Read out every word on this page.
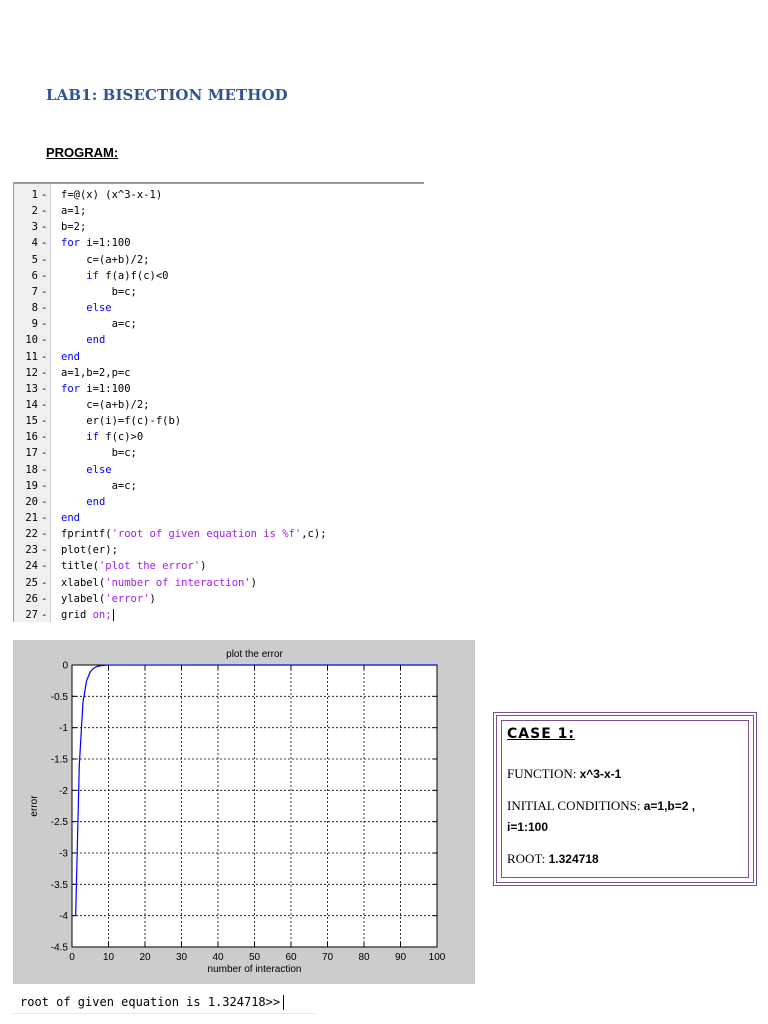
LAB1: BISECTION METHOD
PROGRAM:
1 - f=@(x) (x^3-x-1)
2 - a=1;
3 - b=2;
4 - for i=1:100
5 - c=(a+b)/2;
6 -	if f(a)f(c)<0
7 - b=c;
8 -	else
9 - a=c;
10 -	end
11 - end
12 - a=1,b=2,p=c
13 - for i=1:100
14 - c=(a+b)/2;
15 - er(i)=f(c)-f(b)
16 -	if f(c)>0
17 - b=c;
18 -	else
19 - a=c;
20 -	end
21 - end
22 - fprintf('root of given equation is %f',c);
23 - plot(er);
24 - title('plot the error')
25 - xlabel('number of interaction')
26 - ylabel('error')
27 - grid on;
plot the error
0	10	20	30	40	50	60	70	80	90 100
0
-0.5
-1
-1.5
-2
-2.5
-3
-3.5
-4
-4.5
number of interaction
error
CASE 1:
FUNCTION: x^3-x-1
INITIAL CONDITIONS: a=1,b=2 ,
i=1:100
ROOT: 1.324718
root of given equation is 1.324718>>
